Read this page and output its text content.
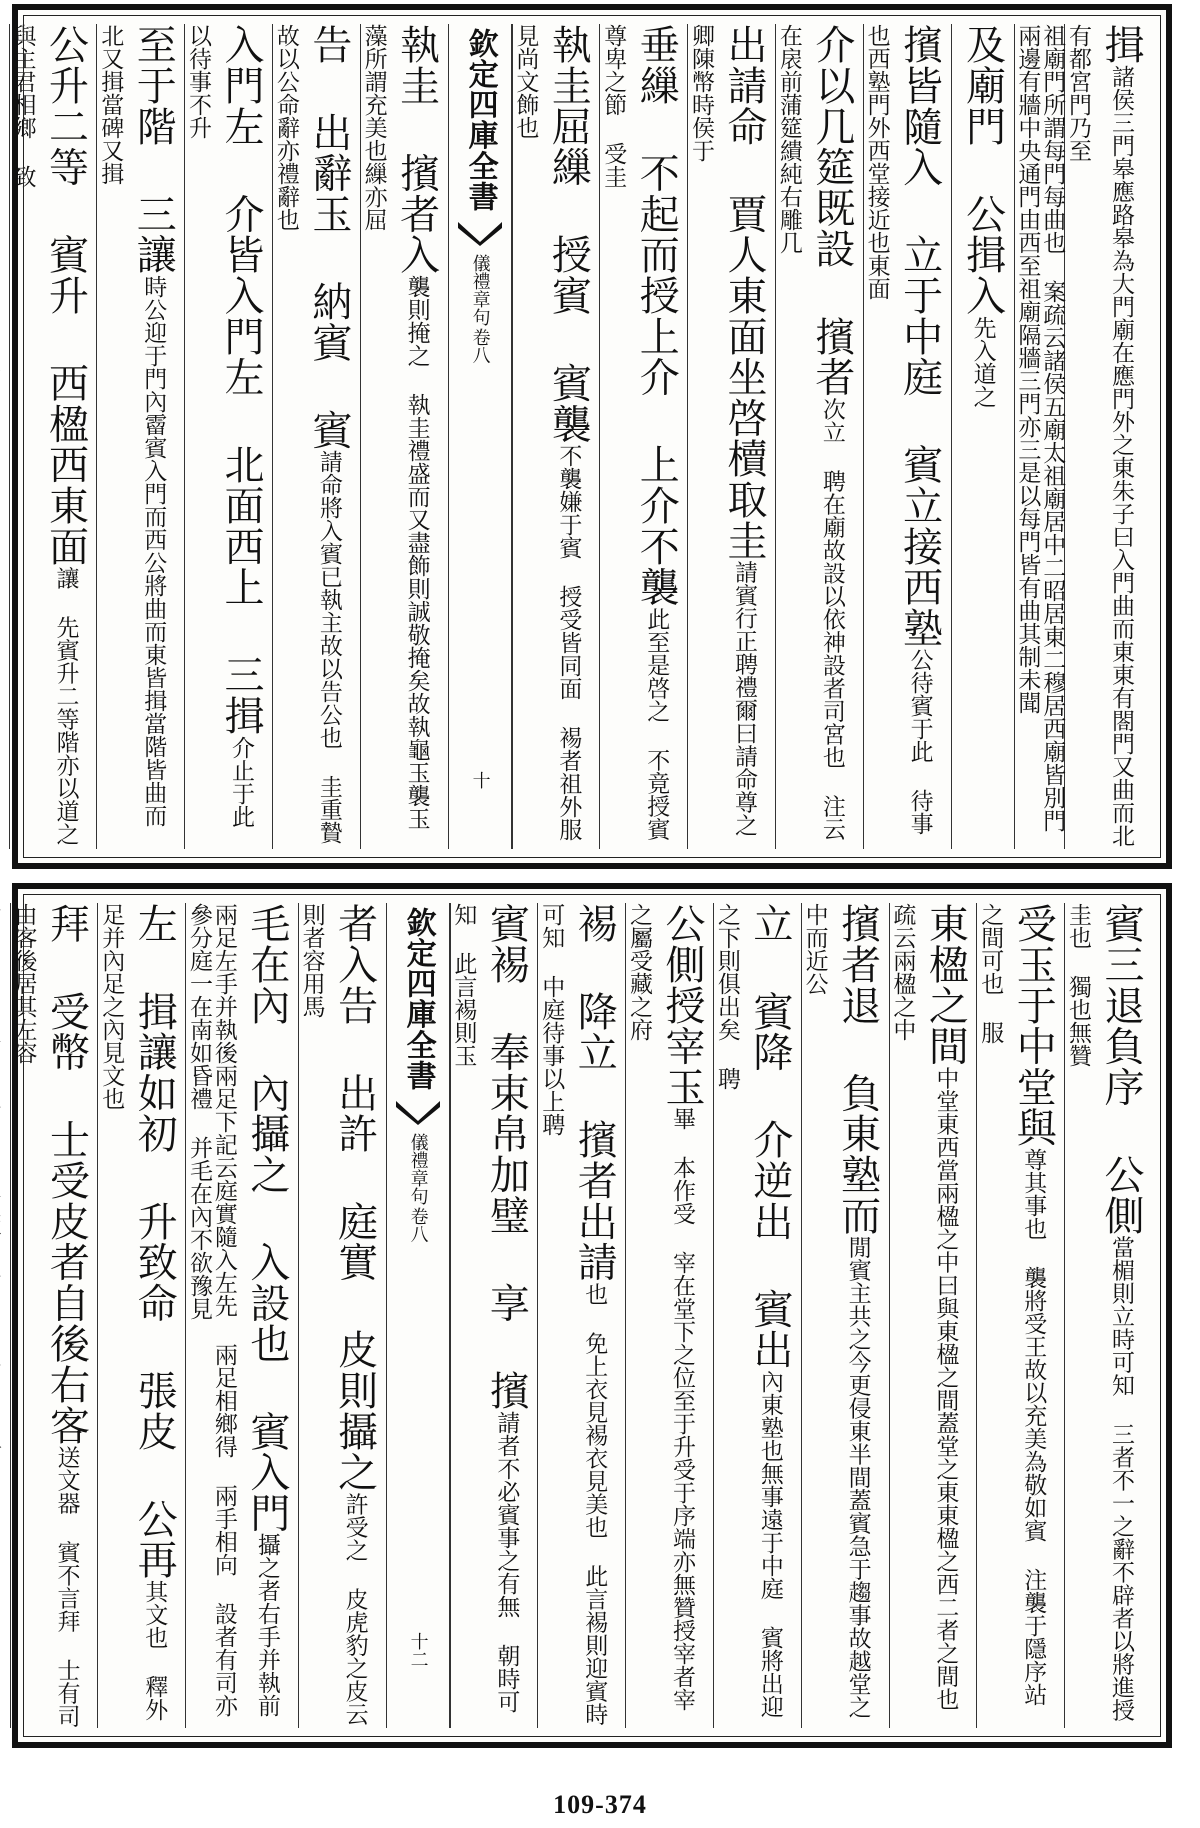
揖諸侯三門皋應路皋為大門廟在應門外之東朱子曰入門曲而東東有閤門又曲而北有都宮門乃至
祖廟門所謂每門每曲也 案疏云諸侯五廟太祖廟居中二昭居東二穆居西廟皆別門兩邊有牆中央通門由西至祖廟隔牆三門亦三是以每門皆有曲其制未聞
及廟門 公揖入先入道之
擯皆隨入 立于中庭 賓立接西塾公待賓于此 待事也西塾門外西堂接近也東面
介以几筵既設 擯者次立 聘在廟故設以依神設者司宮也 注云在扆前蒲筵繢純右雕几
出請命 賈人東面坐啓櫝取圭請賓行正聘禮爾曰請命尊之 卿陳幣時侯于
垂繅 不起而授上介 上介不襲此至是啓之 不竟授賓尊卑之節 受圭
執圭屈繅 授賓 賓襲不襲嫌于賓 授受皆同面 裼者祖外服見尚文飾也
欽定四庫全書
儀禮章句
卷八
十
執圭 擯者入襲則掩之 執圭禮盛而又盡飾則誠敬掩矣故執龜玉襲玉藻所謂充美也繅亦屈
告 出辭玉 納賓 賓請命將入賓已執主故以告公也 圭重贄故以公命辭亦禮辭也
入門左 介皆入門左 北面西上 三揖介止于此以待事不升
至于階 三讓時公迎于門內霤賓入門而西公將曲而東皆揖當階皆曲而北又揖當碑又揖
公升二等 賓升 西楹西東面讓 先賓升二等階亦以道之 與主君相鄉 致
賓三退負序 公側當楣則立時可知 三者不一之辭不辟者以將進授圭也 獨也無贊
受玉于中堂與尊其事也 襲將受王故以充美為敬如賓 注襲于隱序站之間可也 服
東楹之間中堂東西當兩楹之中曰與東楹之間蓋堂之東東楹之西二者之間也疏云兩楹之中
擯者退 負東塾而閒賓主共之今更侵東半間蓋賓急于趨事故越堂之中而近公
立 賓降 介逆出 賓出內東塾也無事遠于中庭 賓將出迎之下則俱出矣 聘
公側授宰玉畢 本作受 宰在堂下之位至于升受于序端亦無贊授宰者宰之屬受藏之府
裼 降立 擯者出請也 免上衣見裼衣見美也 此言裼則迎賓時可知 中庭待事以上聘
賓裼 奉束帛加璧 享 擯請者不必賓事之有無 朝時可知 此言裼則玉
欽定四庫全書
儀禮章句
卷八
十二
者入告 出許 庭實 皮則攝之許受之 皮虎豹之皮云則者容用馬
毛在內 內攝之 入設也 賓入門攝之者右手并執前兩足左手并執後兩足下記云庭實隨入左先 兩足相鄉得 兩手相向 設者有司亦參分庭一在南如昏禮 并毛在內不欲豫見
左 揖讓如初 升致命 張皮 公再其文也 釋外足并內足之內見文也
拜 受幣 士受皮者自後右客送文器 賓不言拜 士有司由客後居其左容
109-374
